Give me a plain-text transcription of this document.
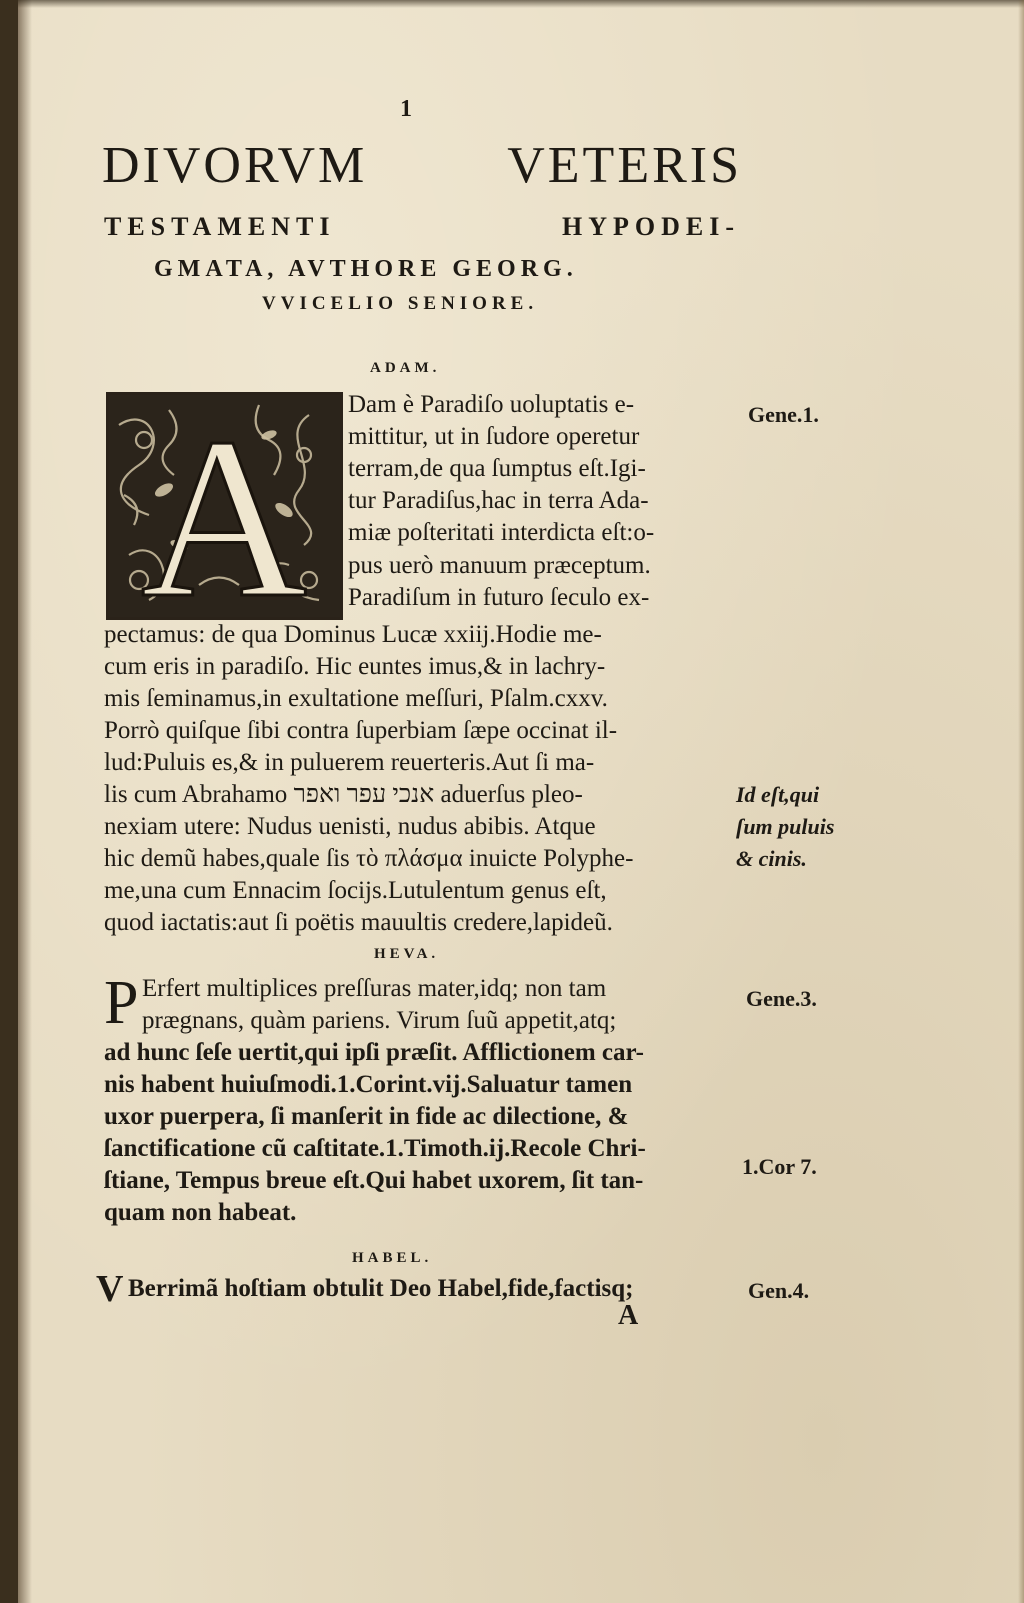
1
DIVORVM	VETERIS
TESTAMENTI	HYPODEI-
GMATA, AVTHORE GEORG.
VVICELIO SENIORE.
ADAM.
A Dam è Paradiſo uoluptatis e-
mittitur, ut in ſudore operetur
terram,de qua ſumptus eſt.Igi-
tur Paradiſus,hac in terra Ada-
miæ poſteritati interdicta eſt:o-
pus uerò manuum præceptum.
Paradiſum in futuro ſeculo ex-
pectamus: de qua Dominus Lucæ xxiij.Hodie me-
cum eris in paradiſo. Hic euntes imus,& in lachry-
mis ſeminamus,in exultatione meſſuri, Pſalm.cxxv.
Porrò quiſque ſibi contra ſuperbiam ſæpe occinat il-
lud:Puluis es,& in puluerem reuerteris.Aut ſi ma-
lis cum Abrahamo אנכי עפר ואפר aduerſus pleo-
nexiam utere: Nudus uenisti, nudus abibis. Atque
hic demũ habes,quale ſis τὸ πλάσμα inuicte Polyphe-
me,una cum Ennacim ſocijs.Lutulentum genus eſt,
quod iactatis:aut ſi poëtis mauultis credere,lapideũ.
Gene.1.
Id eſt,qui
ſum puluis
& cinis.
HEVA.
P Erfert multiplices preſſuras mater,idq; non tam
prægnans, quàm pariens. Virum ſuũ appetit,atq;
ad hunc ſeſe uertit,qui ipſi præſit. Afflictionem car-
nis habent huiuſmodi.1.Corint.vij.Saluatur tamen
uxor puerpera, ſi manſerit in fide ac dilectione, &
ſanctificatione cũ caſtitate.1.Timoth.ij.Recole Chri-
ſtiane, Tempus breue eſt.Qui habet uxorem, ſit tan-
quam non habeat.
Gene.3.
1.Cor 7.
HABEL.
V Berrimã hoſtiam obtulit Deo Habel,fide,factisq;	Gen.4.
A
